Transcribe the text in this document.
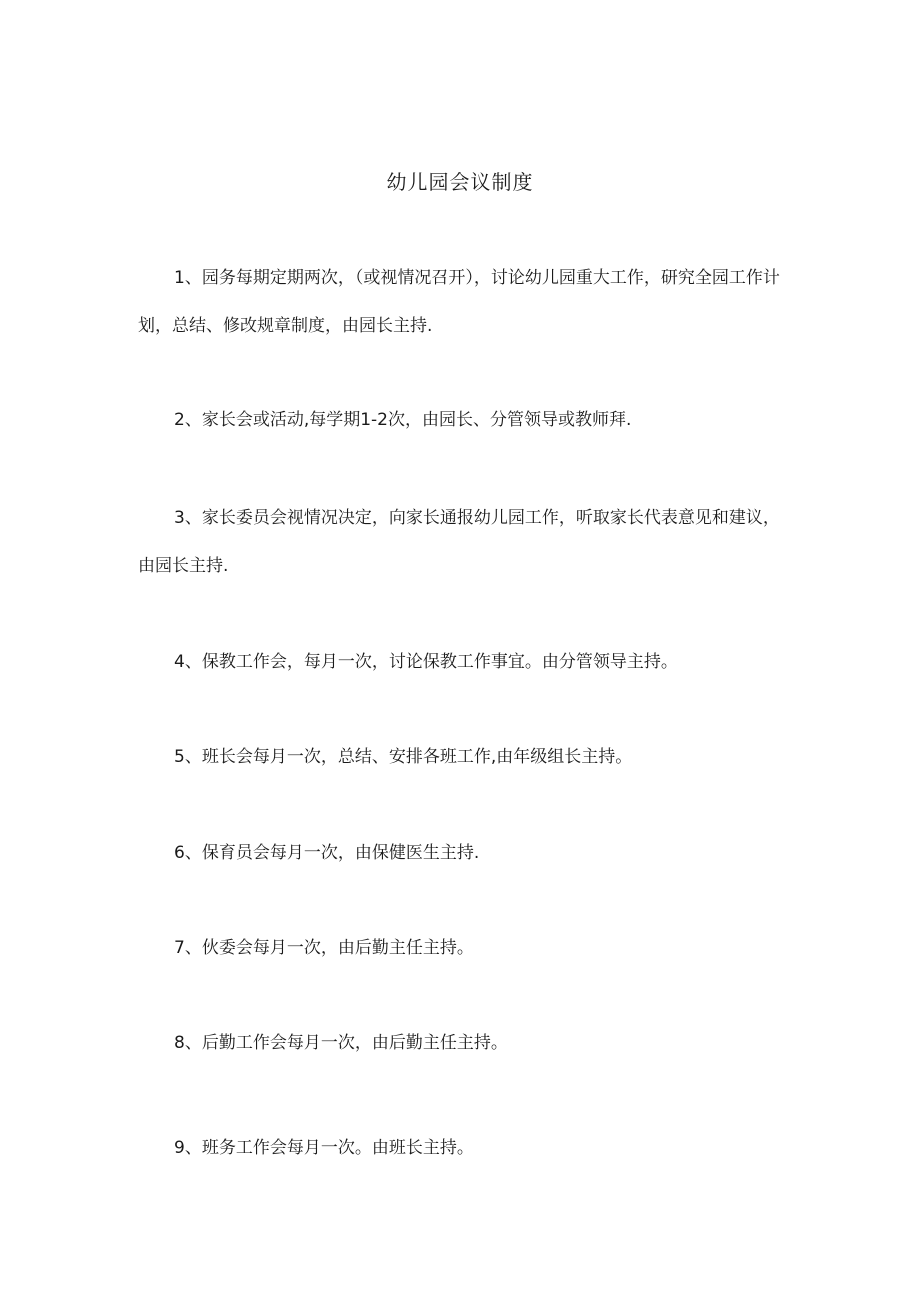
幼儿园会议制度

1、园务每期定期两次，（或视情况召开），讨论幼儿园重大工作，研究全园工作计划，总结、修改规章制度，由园长主持.

2、家长会或活动,每学期1-2次，由园长、分管领导或教师拜.

3、家长委员会视情况决定，向家长通报幼儿园工作，听取家长代表意见和建议，由园长主持.

4、保教工作会，每月一次，讨论保教工作事宜。由分管领导主持。

5、班长会每月一次，总结、安排各班工作,由年级组长主持。

6、保育员会每月一次，由保健医生主持.

7、伙委会每月一次，由后勤主任主持。

8、后勤工作会每月一次，由后勤主任主持。

9、班务工作会每月一次。由班长主持。
